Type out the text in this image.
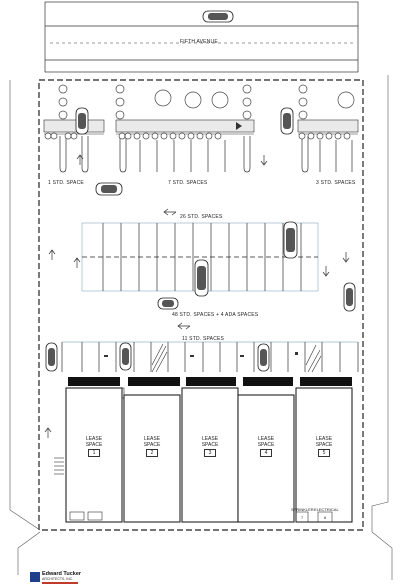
FIFTH AVENUE
1 STD. SPACE	7 STD. SPACES	3 STD. SPACES
26 STD. SPACES
48 STD. SPACES + 4 ADA SPACES
11 STD. SPACES
LEASE
SPACE
1
LEASE
SPACE
2
LEASE
SPACE
3
LEASE
SPACE
4
LEASE
SPACE
5
SPRINKLER ELECTRICAL
7	6
Edward Tucker
ARCHITECTS, INC.
